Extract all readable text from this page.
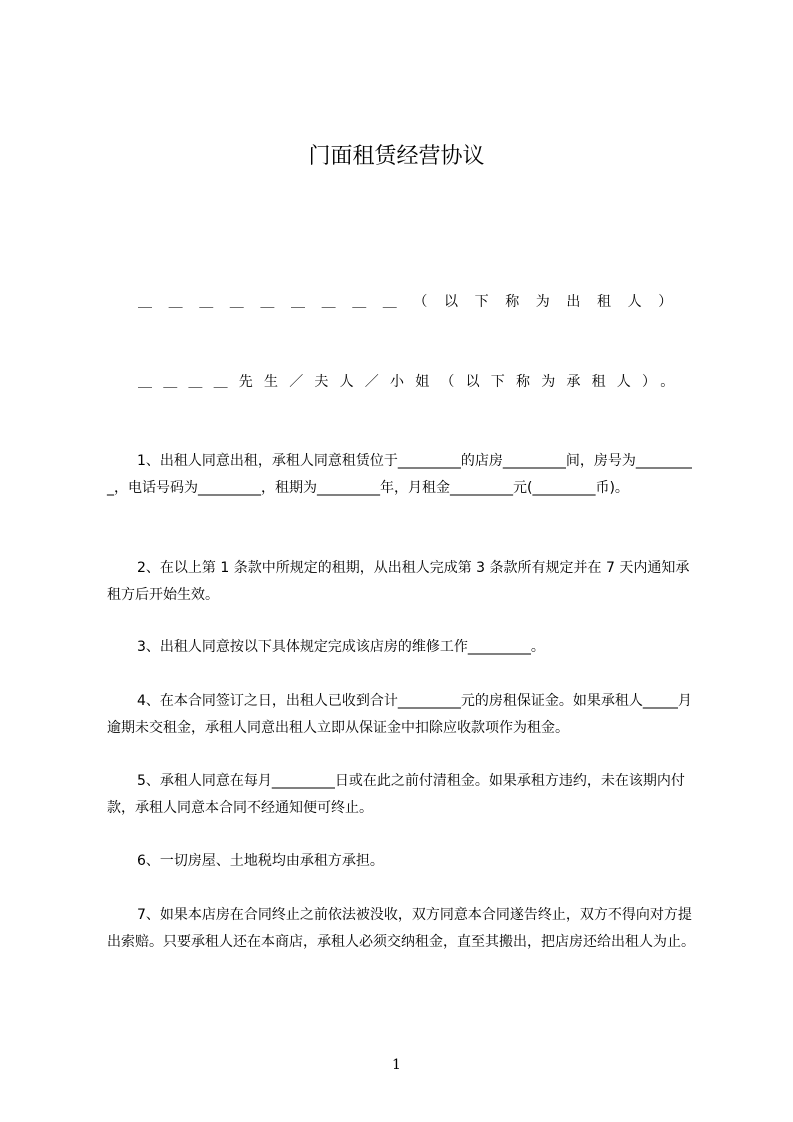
门面租赁经营协议
＿＿＿＿＿＿＿＿＿（以下称为出租人）
＿＿＿＿先生／夫人／小姐（以下称为承租人）。

1、出租人同意出租，承租人同意租赁位于_________的店房_________间，房号为_________，电话号码为_________，租期为_________年，月租金_________元(_________币)。

2、在以上第 1 条款中所规定的租期，从出租人完成第 3 条款所有规定并在 7 天内通知承租方后开始生效。

3、出租人同意按以下具体规定完成该店房的维修工作_________。

4、在本合同签订之日，出租人已收到合计_________元的房租保证金。如果承租人_____月逾期未交租金，承租人同意出租人立即从保证金中扣除应收款项作为租金。

5、承租人同意在每月_________日或在此之前付清租金。如果承租方违约，未在该期内付款，承租人同意本合同不经通知便可终止。

6、一切房屋、土地税均由承租方承担。

7、如果本店房在合同终止之前依法被没收，双方同意本合同遂告终止，双方不得向对方提出索赔。只要承租人还在本商店，承租人必须交纳租金，直至其搬出，把店房还给出租人为止。

1
